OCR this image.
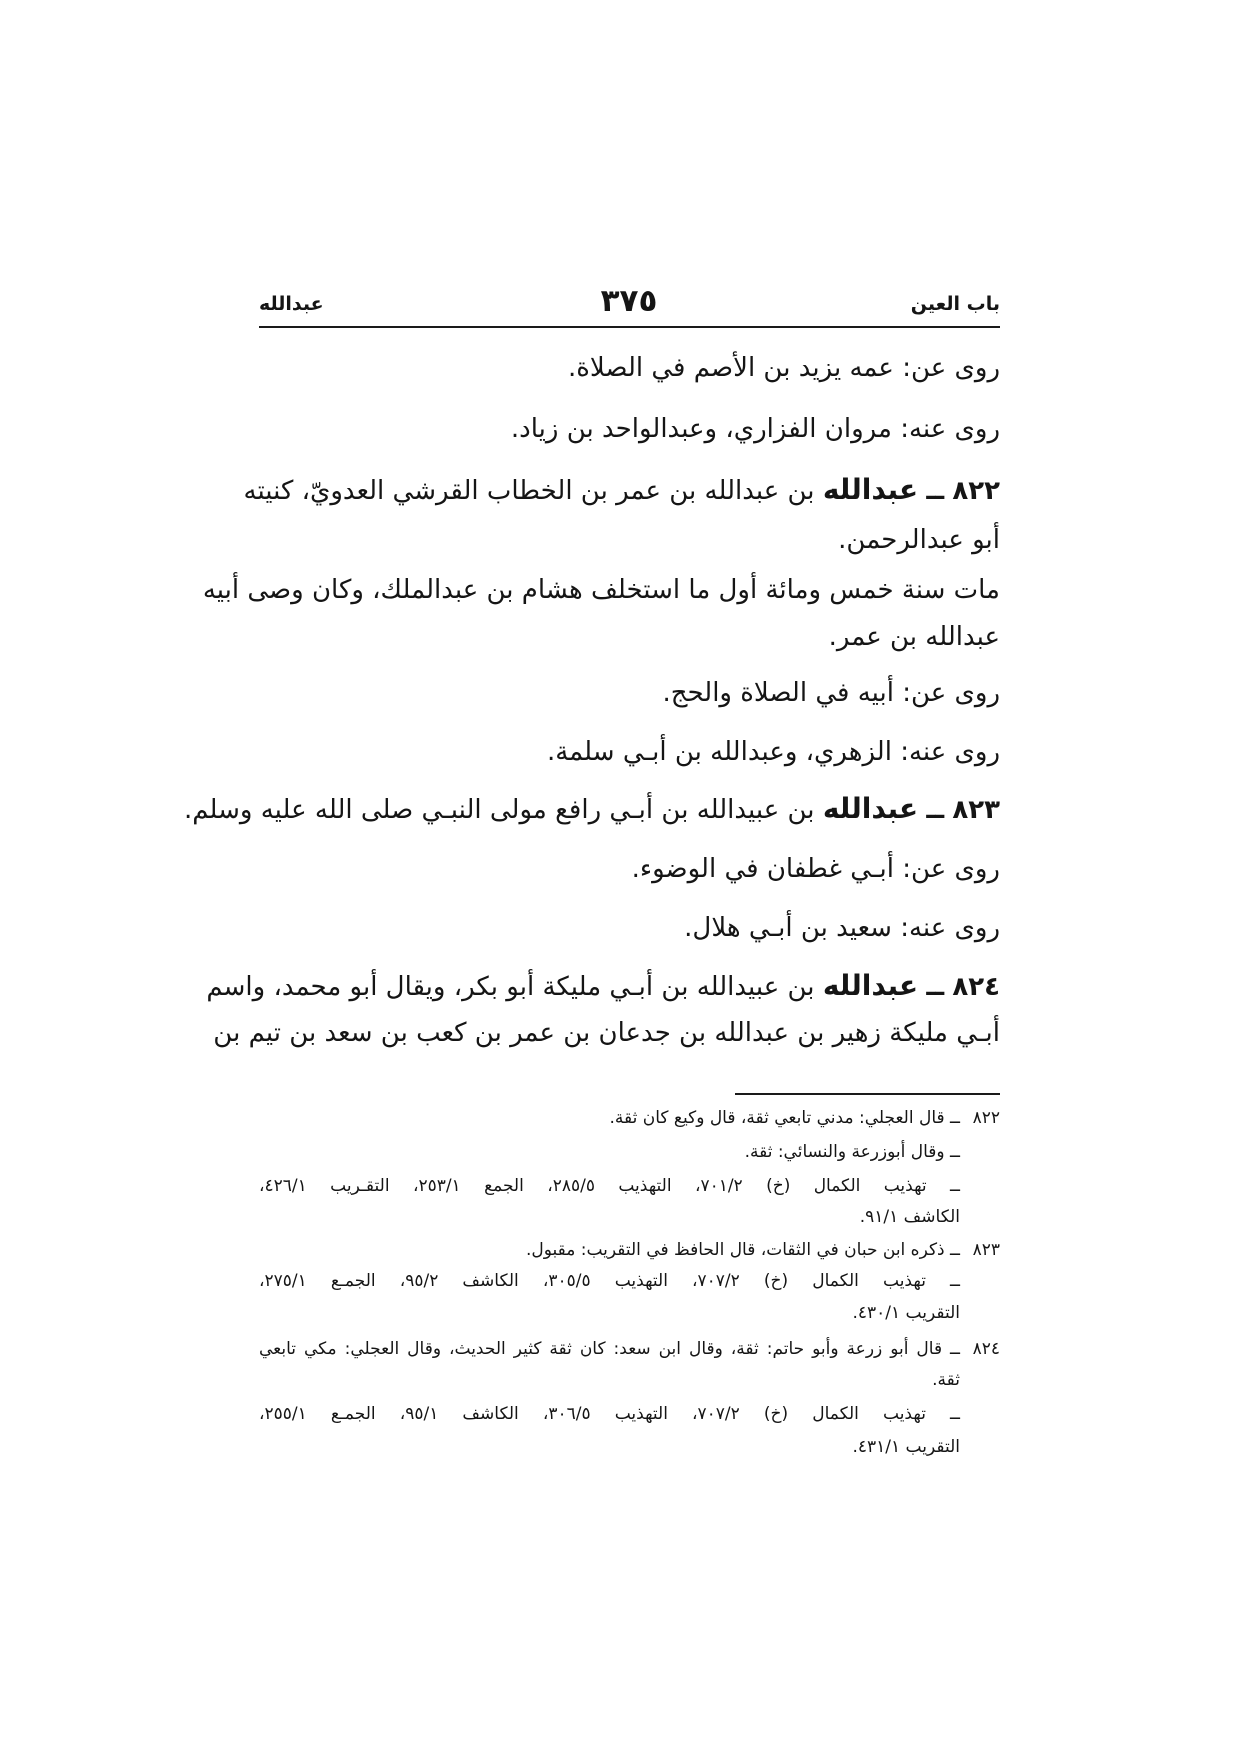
باب العين
٣٧٥
عبدالله
روى عن: عمه يزيد بن الأصم في الصلاة.
روى عنه: مروان الفزاري، وعبدالواحد بن زياد.
٨٢٢ ــ عبدالله بن عبدالله بن عمر بن الخطاب القرشي العدويّ، كنيته
أبو عبدالرحمن.
مات سنة خمس ومائة أول ما استخلف هشام بن عبدالملك، وكان وصى أبيه
عبدالله بن عمر.
روى عن: أبيه في الصلاة والحج.
روى عنه: الزهري، وعبدالله بن أبـي سلمة.
٨٢٣ ــ عبدالله بن عبيدالله بن أبـي رافع مولى النبـي صلى الله عليه وسلم.
روى عن: أبـي غطفان في الوضوء.
روى عنه: سعيد بن أبـي هلال.
٨٢٤ ــ عبدالله بن عبيدالله بن أبـي مليكة أبو بكر، ويقال أبو محمد، واسم
أبـي مليكة زهير بن عبدالله بن جدعان بن عمر بن كعب بن سعد بن تيم بن
٨٢٢
ــ قال العجلي: مدني تابعي ثقة، قال وكيع كان ثقة.
ــ وقال أبوزرعة والنسائي: ثقة.
ــ تهذيب الكمال (خ) ٧٠١/٢، التهذيب ٢٨٥/٥، الجمع ٢٥٣/١، التقـريب ٤٢٦/١،
الكاشف ٩١/١.
٨٢٣
ــ ذكره ابن حبان في الثقات، قال الحافظ في التقريب: مقبول.
ــ تهذيب الكمال (خ) ٧٠٧/٢، التهذيب ٣٠٥/٥، الكاشف ٩٥/٢، الجمـع ٢٧٥/١،
التقريب ٤٣٠/١.
٨٢٤
ــ قال أبو زرعة وأبو حاتم: ثقة، وقال ابن سعد: كان ثقة كثير الحديث، وقال العجلي: مكي تابعي
ثقة.
ــ تهذيب الكمال (خ) ٧٠٧/٢، التهذيب ٣٠٦/٥، الكاشف ٩٥/١، الجمـع ٢٥٥/١،
التقريب ٤٣١/١.
